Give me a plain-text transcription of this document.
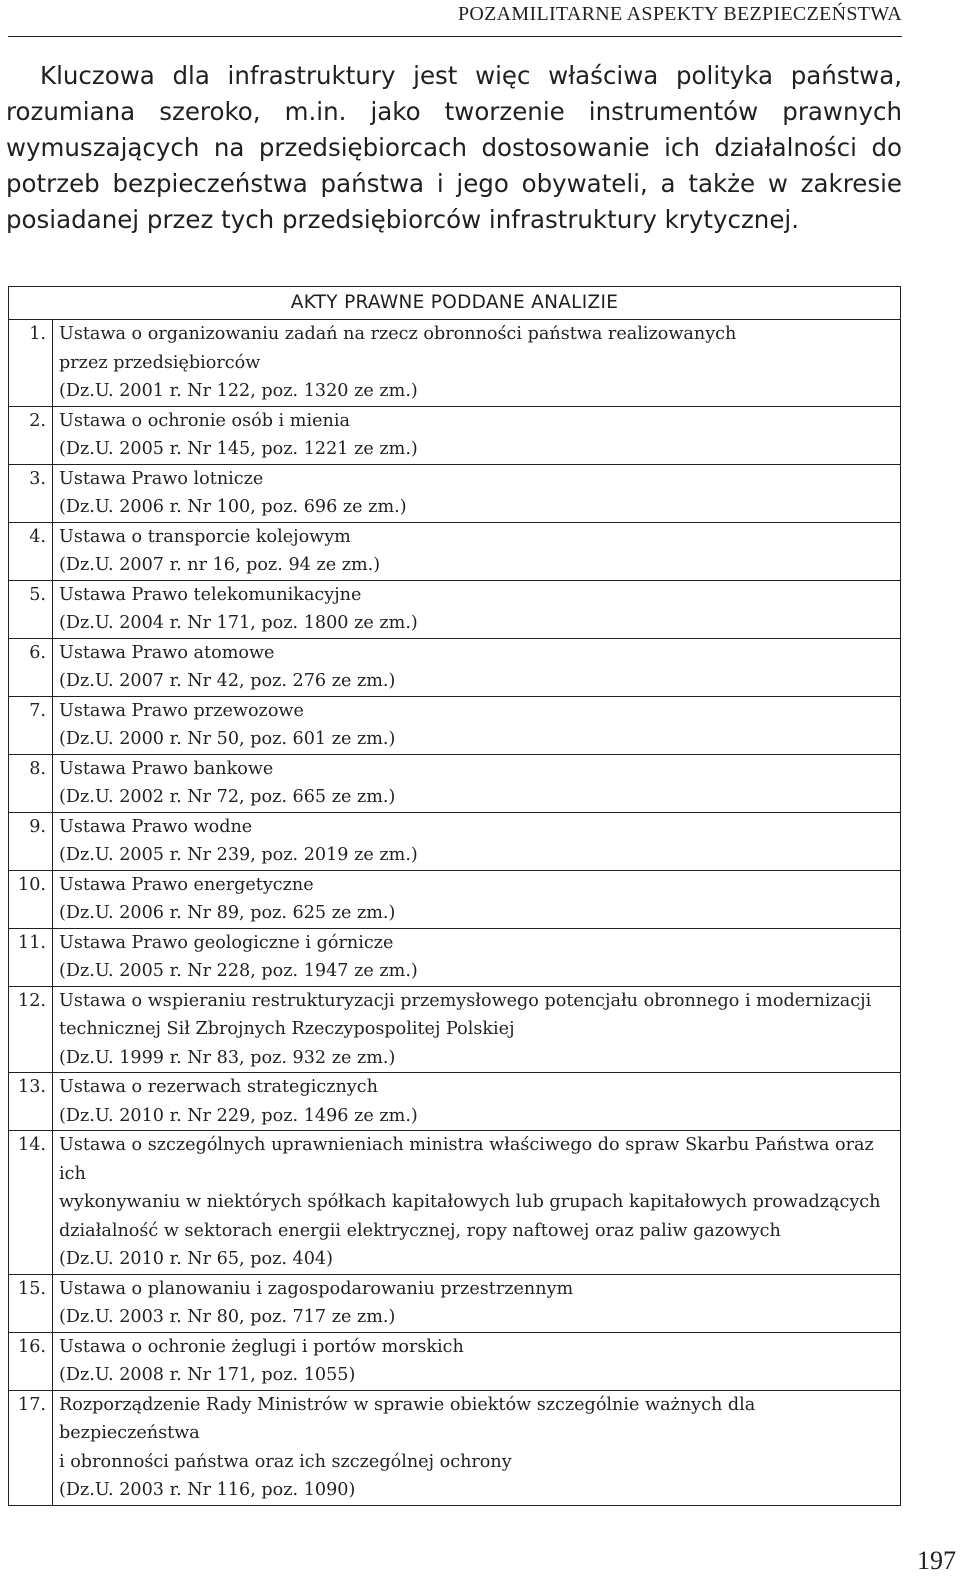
POZAMILITARNE ASPEKTY BEZPIECZEŃSTWA

Kluczowa dla infrastruktury jest więc właściwa polityka państwa, rozumiana szeroko, m.in. jako tworzenie instrumentów prawnych wymuszających na przedsiębiorcach dostosowanie ich działalności do potrzeb bezpieczeństwa państwa i jego obywateli, a także w zakresie posiadanej przez tych przedsiębiorców infrastruktury krytycznej.

AKTY PRAWNE PODDANE ANALIZIE	
1.	Ustawa o organizowaniu zadań na rzecz obronności państwa realizowanych
przez przedsiębiorców
(Dz.U. 2001 r. Nr 122, poz. 1320 ze zm.)

2.	Ustawa o ochronie osób i mienia
(Dz.U. 2005 r. Nr 145, poz. 1221 ze zm.)

3.	Ustawa Prawo lotnicze
(Dz.U. 2006 r. Nr 100, poz. 696 ze zm.)

4.	Ustawa o transporcie kolejowym
(Dz.U. 2007 r. nr 16, poz. 94 ze zm.)

5.	Ustawa Prawo telekomunikacyjne
(Dz.U. 2004 r. Nr 171, poz. 1800 ze zm.)

6.	Ustawa Prawo atomowe
(Dz.U. 2007 r. Nr 42, poz. 276 ze zm.)

7.	Ustawa Prawo przewozowe
(Dz.U. 2000 r. Nr 50, poz. 601 ze zm.)

8.	Ustawa Prawo bankowe
(Dz.U. 2002 r. Nr 72, poz. 665 ze zm.)

9.	Ustawa Prawo wodne
(Dz.U. 2005 r. Nr 239, poz. 2019 ze zm.)

10.	Ustawa Prawo energetyczne
(Dz.U. 2006 r. Nr 89, poz. 625 ze zm.)

11.	Ustawa Prawo geologiczne i górnicze
(Dz.U. 2005 r. Nr 228, poz. 1947 ze zm.)

12.	Ustawa o wspieraniu restrukturyzacji przemysłowego potencjału obronnego i modernizacji
technicznej Sił Zbrojnych Rzeczypospolitej Polskiej
(Dz.U. 1999 r. Nr 83, poz. 932 ze zm.)

13.	Ustawa o rezerwach strategicznych
(Dz.U. 2010 r. Nr 229, poz. 1496 ze zm.)

14.	Ustawa o szczególnych uprawnieniach ministra właściwego do spraw Skarbu Państwa oraz ich
wykonywaniu w niektórych spółkach kapitałowych lub grupach kapitałowych prowadzących
działalność w sektorach energii elektrycznej, ropy naftowej oraz paliw gazowych
(Dz.U. 2010 r. Nr 65, poz. 404)

15.	Ustawa o planowaniu i zagospodarowaniu przestrzennym
(Dz.U. 2003 r. Nr 80, poz. 717 ze zm.)

16.	Ustawa o ochronie żeglugi i portów morskich
(Dz.U. 2008 r. Nr 171, poz. 1055)

17.	Rozporządzenie Rady Ministrów w sprawie obiektów szczególnie ważnych dla bezpieczeństwa
i obronności państwa oraz ich szczególnej ochrony
(Dz.U. 2003 r. Nr 116, poz. 1090)
197
